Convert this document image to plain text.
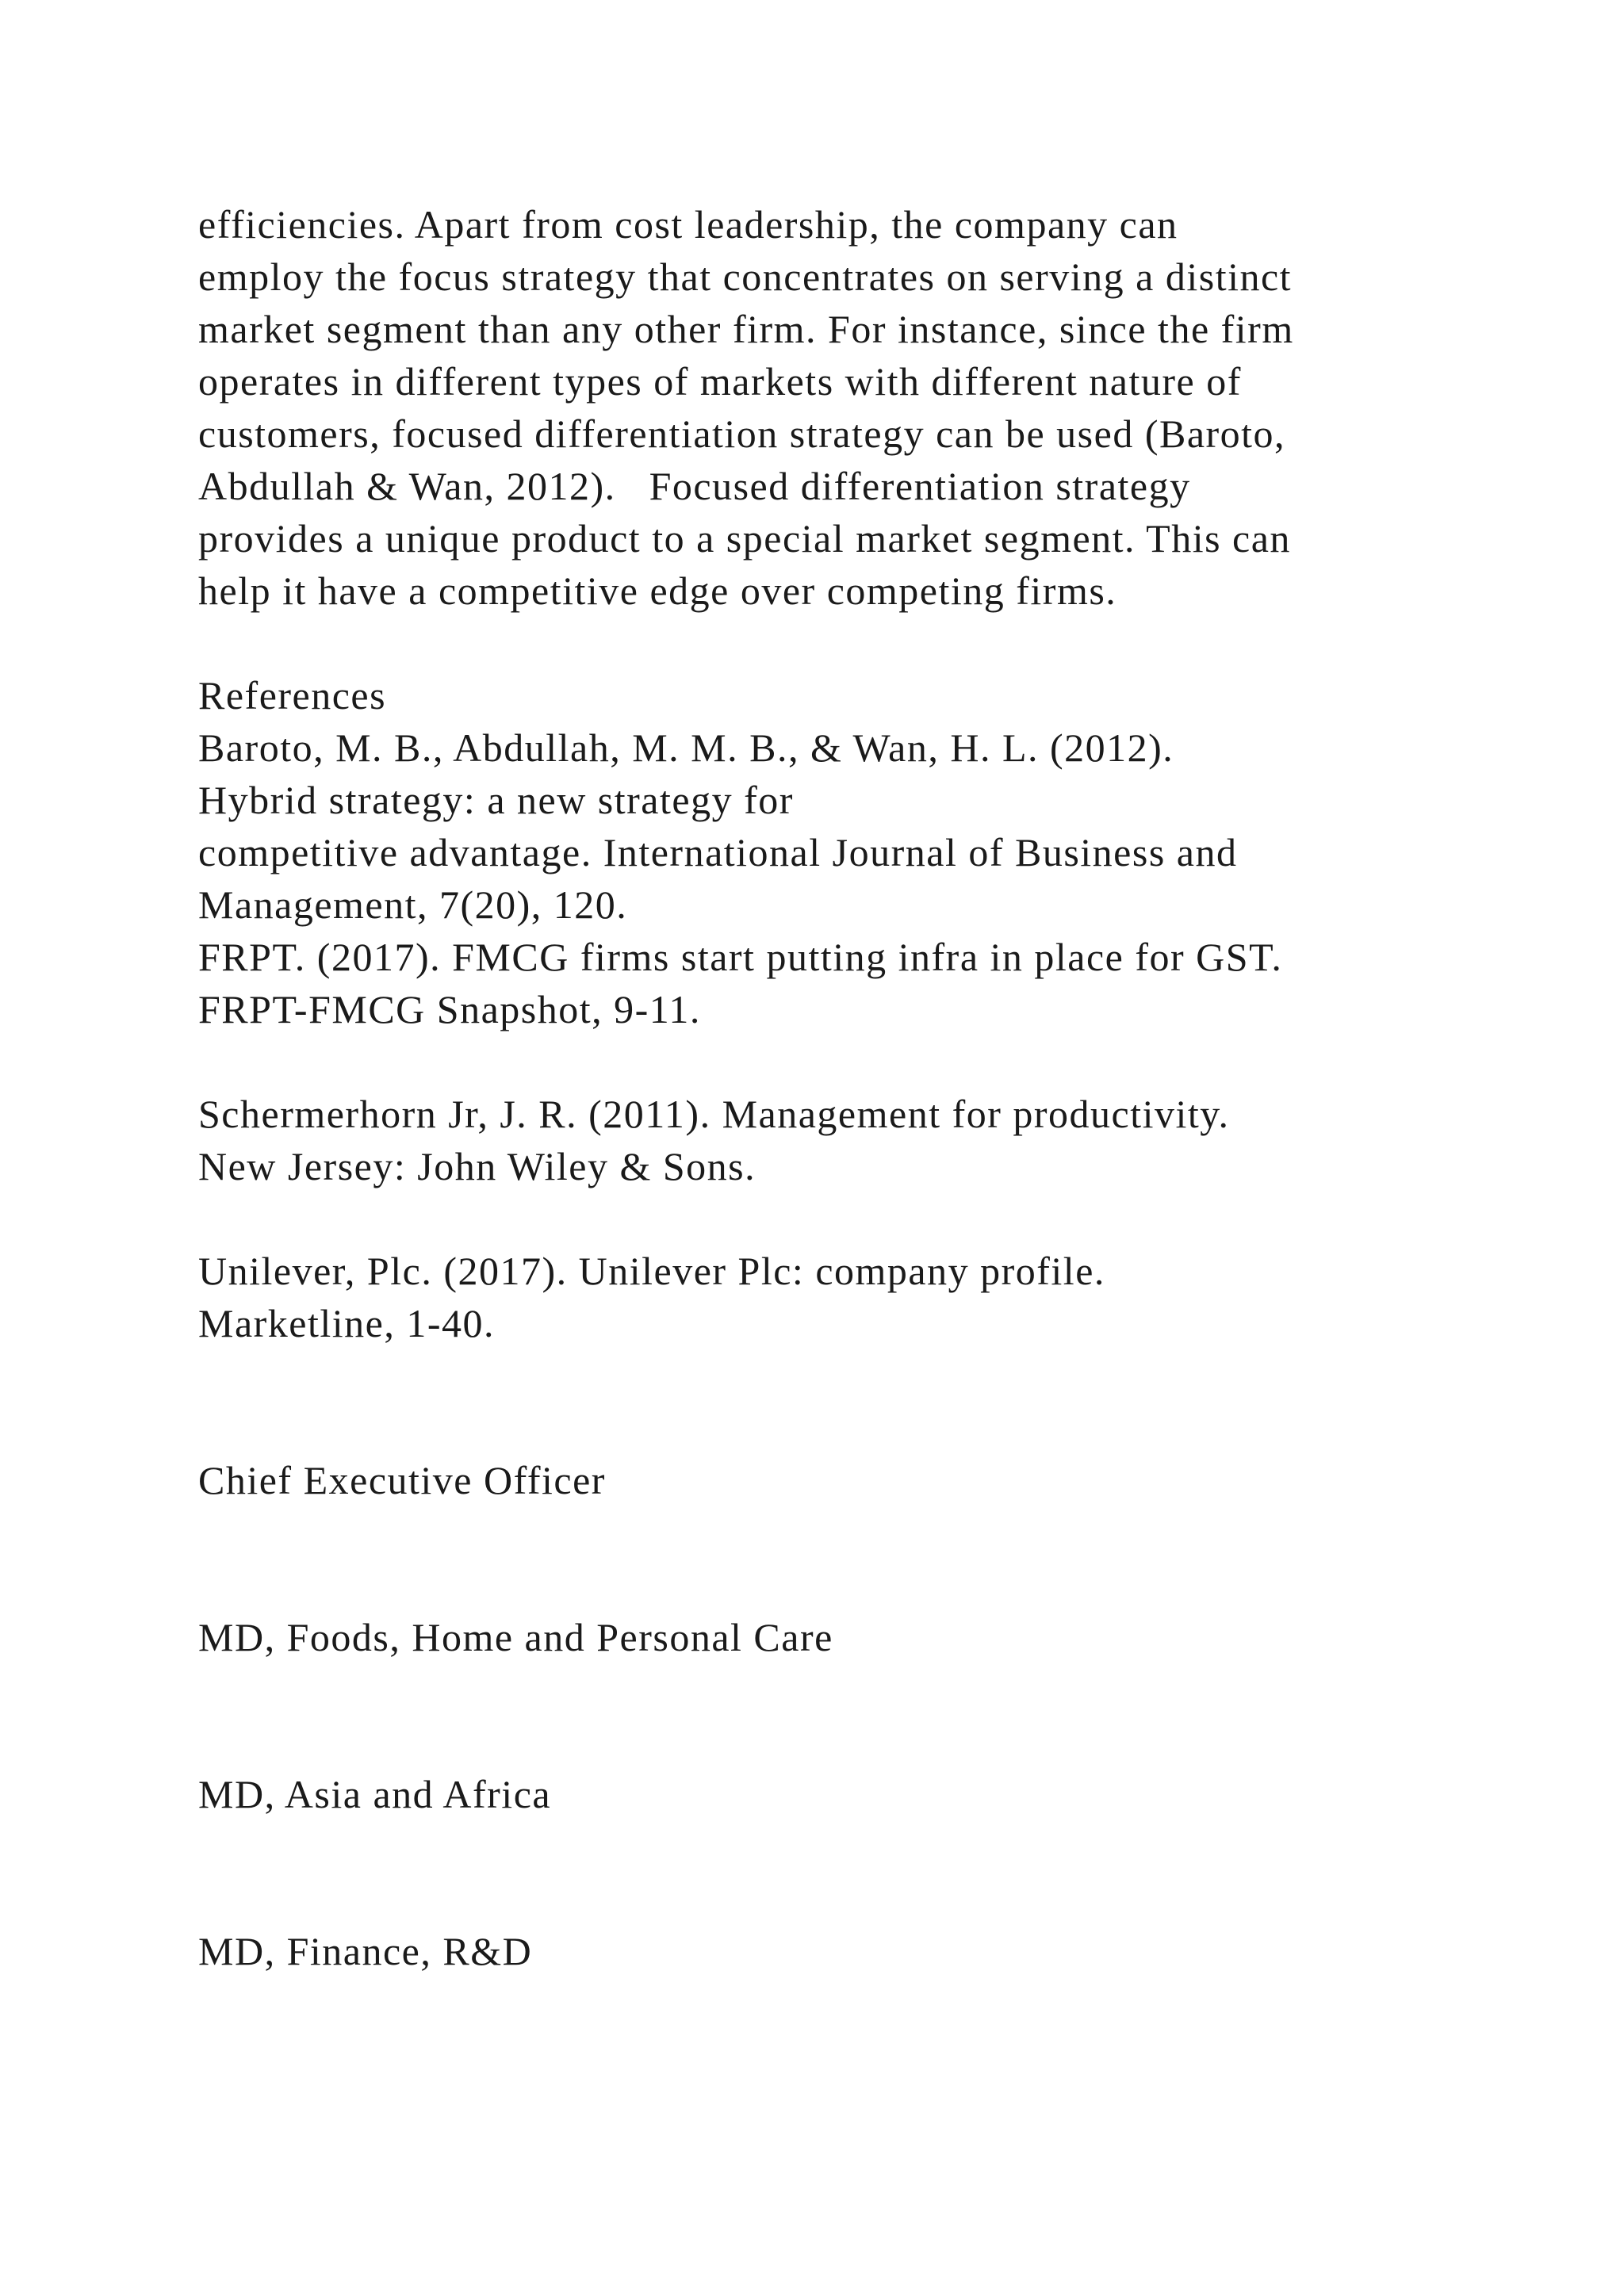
efficiencies. Apart from cost leadership, the company can
employ the focus strategy that concentrates on serving a distinct
market segment than any other firm. For instance, since the firm
operates in different types of markets with different nature of
customers, focused differentiation strategy can be used (Baroto,
Abdullah & Wan, 2012).   Focused differentiation strategy
provides a unique product to a special market segment. This can
help it have a competitive edge over competing firms.
References
Baroto, M. B., Abdullah, M. M. B., & Wan, H. L. (2012).
Hybrid strategy: a new strategy for
competitive advantage. International Journal of Business and
Management, 7(20), 120.
FRPT. (2017). FMCG firms start putting infra in place for GST.
FRPT-FMCG Snapshot, 9-11.
Schermerhorn Jr, J. R. (2011). Management for productivity.
New Jersey: John Wiley & Sons.
Unilever, Plc. (2017). Unilever Plc: company profile.
Marketline, 1-40.
Chief Executive Officer
MD, Foods, Home and Personal Care
MD, Asia and Africa
MD, Finance, R&D
